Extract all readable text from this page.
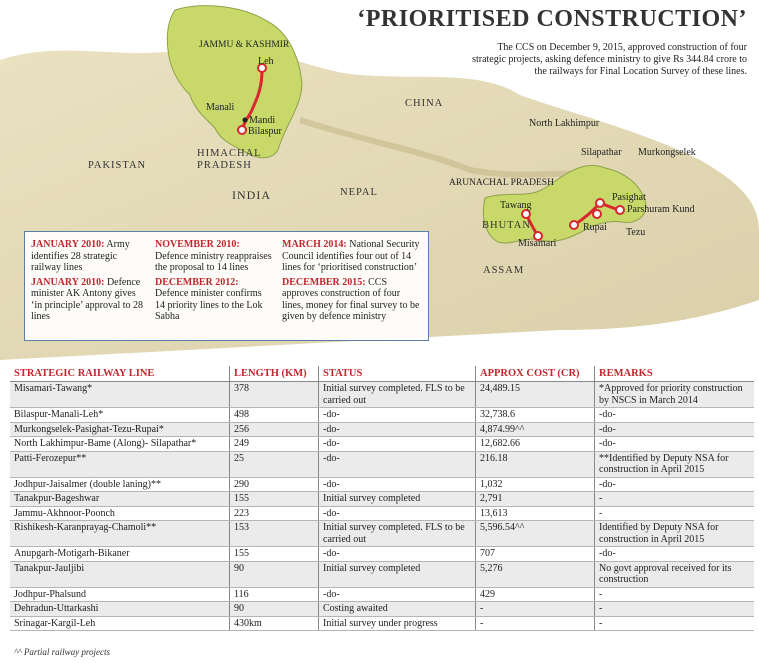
JAMMU & KASHMIR
Leh
Manali
Mandi
Bilaspur
HIMACHAL
PRADESH
PAKISTAN
INDIA
CHINA
NEPAL
North Lakhimpur
Silapathar Murkongselek
ARUNACHAL PRADESH
Pasighat
Parshuram Kund
Tawang
BHUTAN	Rupai Tezu
Misamari
ASSAM
‘PRIORITISED CONSTRUCTION’
The CCS on December 9, 2015, approved construction of four strategic projects, asking defence ministry to give Rs 344.84 crore to the railways for Final Location Survey of these lines.
JANUARY 2010: Army identifies 28 strategic railway lines
JANUARY 2010: Defence minister AK Antony gives ‘in principle’ approval to 28 lines
NOVEMBER 2010: Defence ministry reappraises the proposal to 14 lines
DECEMBER 2012: Defence minister confirms 14 priority lines to the Lok Sabha
MARCH 2014: National Security Council identifies four out of 14 lines for ‘prioritised construction’
DECEMBER 2015: CCS approves construction of four lines, money for final survey to be given by defence ministry
STRATEGIC RAILWAY LINE	LENGTH (KM)	STATUS	APPROX COST (CR)	REMARKS
Misamari-Tawang*	378	Initial survey completed. FLS to be carried out	24,489.15	*Approved for priority construction by NSCS in March 2014
Bilaspur-Manali-Leh*	498	-do-	32,738.6	-do-
Murkongselek-Pasighat-Tezu-Rupai*	256	-do-	4,874.99^^	-do-
North Lakhimpur-Bame (Along)- Silapathar*	249	-do-	12,682.66	-do-
Patti-Ferozepur**	25	-do-	216.18	**Identified by Deputy NSA for construction in April 2015
Jodhpur-Jaisalmer (double laning)**	290	-do-	1,032	-do-
Tanakpur-Bageshwar	155	Initial survey completed	2,791	-
Jammu-Akhnoor-Poonch	223	-do-	13,613	-
Rishikesh-Karanprayag-Chamoli**	153	Initial survey completed. FLS to be carried out	5,596.54^^	Identified by Deputy NSA for construction in April 2015
Anupgarh-Motigarh-Bikaner	155	-do-	707	-do-
Tanakpur-Jauljibi	90	Initial survey completed	5,276	No govt approval received for its construction
Jodhpur-Phalsund	116	-do-	429	-
Dehradun-Uttarkashi	90	Costing awaited	-	-
Srinagar-Kargil-Leh	430km	Initial survey under progress	-	-
^^ Partial railway projects
